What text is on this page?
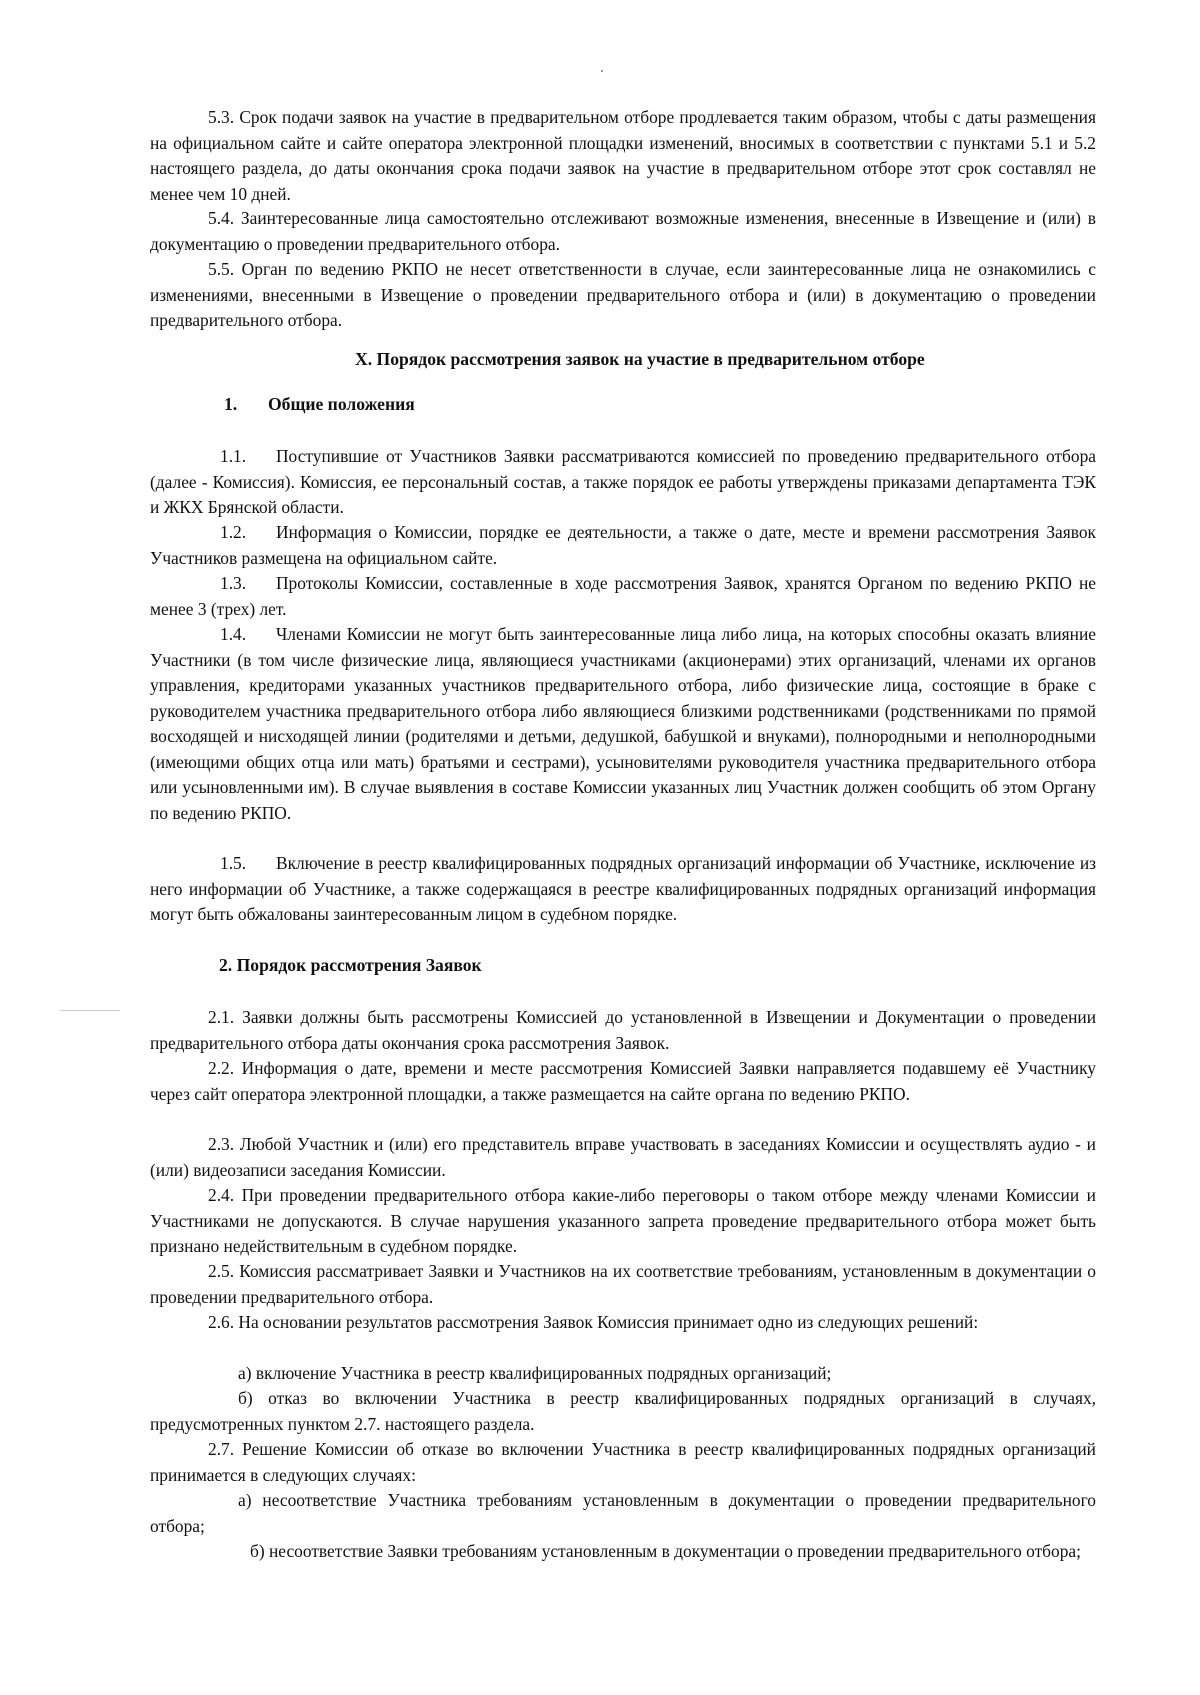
5.3. Срок подачи заявок на участие в предварительном отборе продлевается таким образом, чтобы с даты размещения на официальном сайте и сайте оператора электронной площадки изменений, вносимых в соответствии с пунктами 5.1 и 5.2 настоящего раздела, до даты окончания срока подачи заявок на участие в предварительном отборе этот срок составлял не менее чем 10 дней.

5.4. Заинтересованные лица самостоятельно отслеживают возможные изменения, внесенные в Извещение и (или) в документацию о проведении предварительного отбора.

5.5. Орган по ведению РКПО не несет ответственности в случае, если заинтересованные лица не ознакомились с изменениями, внесенными в Извещение о проведении предварительного отбора и (или) в документацию о проведении предварительного отбора.

X. Порядок рассмотрения заявок на участие в предварительном отборе
1. Общие положения

1.1. Поступившие от Участников Заявки рассматриваются комиссией по проведению предварительного отбора (далее - Комиссия). Комиссия, ее персональный состав, а также порядок ее работы утверждены приказами департамента ТЭК и ЖКХ Брянской области.

1.2. Информация о Комиссии, порядке ее деятельности, а также о дате, месте и времени рассмотрения Заявок Участников размещена на официальном сайте.

1.3. Протоколы Комиссии, составленные в ходе рассмотрения Заявок, хранятся Органом по ведению РКПО не менее 3 (трех) лет.

1.4. Членами Комиссии не могут быть заинтересованные лица либо лица, на которых способны оказать влияние Участники (в том числе физические лица, являющиеся участниками (акционерами) этих организаций, членами их органов управления, кредиторами указанных участников предварительного отбора, либо физические лица, состоящие в браке с руководителем участника предварительного отбора либо являющиеся близкими родственниками (родственниками по прямой восходящей и нисходящей линии (родителями и детьми, дедушкой, бабушкой и внуками), полнородными и неполнородными (имеющими общих отца или мать) братьями и сестрами), усыновителями руководителя участника предварительного отбора или усыновленными им). В случае выявления в составе Комиссии указанных лиц Участник должен сообщить об этом Органу по ведению РКПО.

1.5. Включение в реестр квалифицированных подрядных организаций информации об Участнике, исключение из него информации об Участнике, а также содержащаяся в реестре квалифицированных подрядных организаций информация могут быть обжалованы заинтересованным лицом в судебном порядке.

2. Порядок рассмотрения Заявок

2.1. Заявки должны быть рассмотрены Комиссией до установленной в Извещении и Документации о проведении предварительного отбора даты окончания срока рассмотрения Заявок.

2.2. Информация о дате, времени и месте рассмотрения Комиссией Заявки направляется подавшему её Участнику через сайт оператора электронной площадки, а также размещается на сайте органа по ведению РКПО.

2.3. Любой Участник и (или) его представитель вправе участвовать в заседаниях Комиссии и осуществлять аудио - и (или) видеозаписи заседания Комиссии.

2.4. При проведении предварительного отбора какие-либо переговоры о таком отборе между членами Комиссии и Участниками не допускаются. В случае нарушения указанного запрета проведение предварительного отбора может быть признано недействительным в судебном порядке.

2.5. Комиссия рассматривает Заявки и Участников на их соответствие требованиям, установленным в документации о проведении предварительного отбора.

2.6. На основании результатов рассмотрения Заявок Комиссия принимает одно из следующих решений:

а) включение Участника в реестр квалифицированных подрядных организаций;

б) отказ во включении Участника в реестр квалифицированных подрядных организаций в случаях, предусмотренных пунктом 2.7. настоящего раздела.

2.7. Решение Комиссии об отказе во включении Участника в реестр квалифицированных подрядных организаций принимается в следующих случаях:

а) несоответствие Участника требованиям установленным в документации о проведении предварительного отбора;

б) несоответствие Заявки требованиям установленным в документации о проведении предварительного отбора;
